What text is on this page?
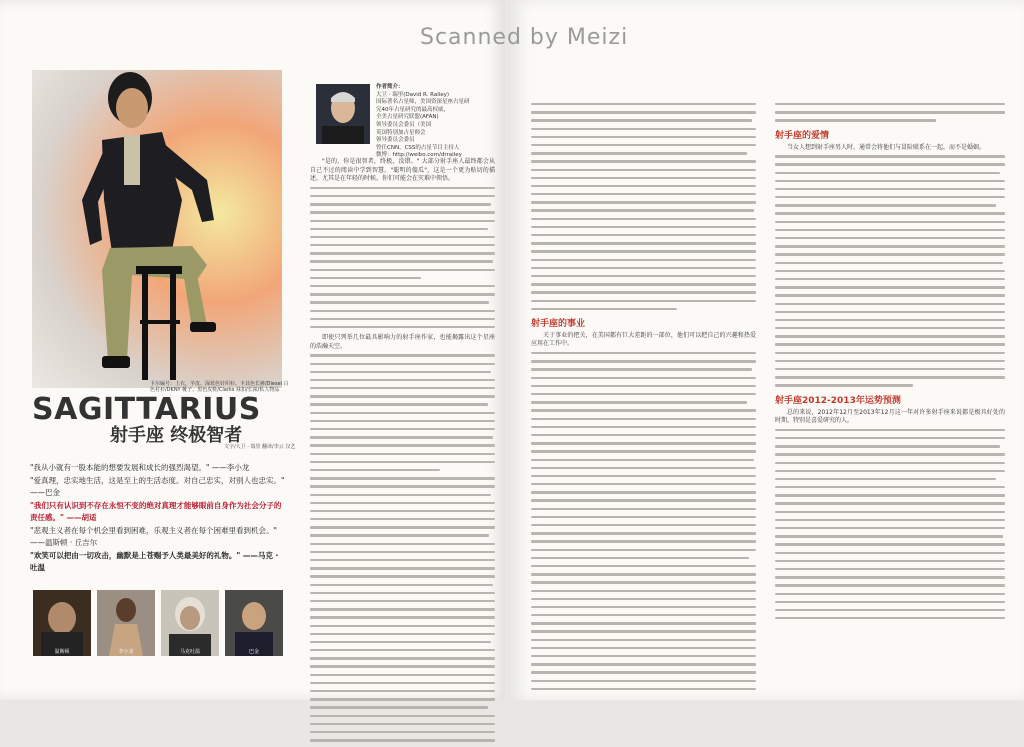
卡尔编号：上衣、羊皮、深蓝色针织衫、卡其色长裤/Diesel 白色衬衫/DKNY 靴子、黑色皮鞋/Clarks 袜扣/长袜/私人物品
SAGITTARIUS
射手座 终极智者
文字/大卫 · 瑞里 翻译/李云 汉艺

"我从小就有一股本能的想要发展和成长的强烈渴望。" ——李小龙

"爱真理，忠实地生活，这是至上的生活态度。对自己忠实，对别人也忠实。" ——巴金

"我们只有认识到不存在永恒不变的绝对真理才能够眼前自身作为社会分子的责任感。" ——胡适

"悲观主义者在每个机会里看到困难，乐观主义者在每个困难里看到机会。" ——温斯顿 · 丘吉尔

"欢笑可以把由一切攻击，幽默是上苍赐予人类最美好的礼物。" ——马克 · 吐温

温斯顿	李小龙	马克吐温	巴金
作者简介：
大卫 · 瑞里(David R. Railey)
国际著名占星师，美国资深星座占星研
究40年占星研究的最高权威，
全美占星研究联盟(AFAN)
领导委员会委员（美国
英国特别加占星师会
领导委员会委员
曾任CNN、CSS的占星节目主持人
微博：http://weibo.com/drrailey

"是的，你是很智者，终极，没错。" 大部分射手座人最终都会从自己不过的阅读中学到智慧。"聪明的傻瓜"，这是一个更为贴切的描述，尤其是在年轻的时候。你们可能会在灾难中领悟。

即使只列举几位最具影响力的射手座作家，也能揭露出这个星座的浩瀚天空。

射手座的事业

关于事业的把关，在美国都有巨大差距的一部位，他们可以把自己的兴趣和热爱应用在工作中。

射手座的爱情

当女人想到射手座男人时，通常会将他们与冒险联系在一起，而不是婚姻。

射手座2012-2013年运势预测

总的来说，2012年12月至2013年12月这一年对许多射手座来说都是极具好处的时期，特别是喜爱研究的人。

Scanned by Meizi
